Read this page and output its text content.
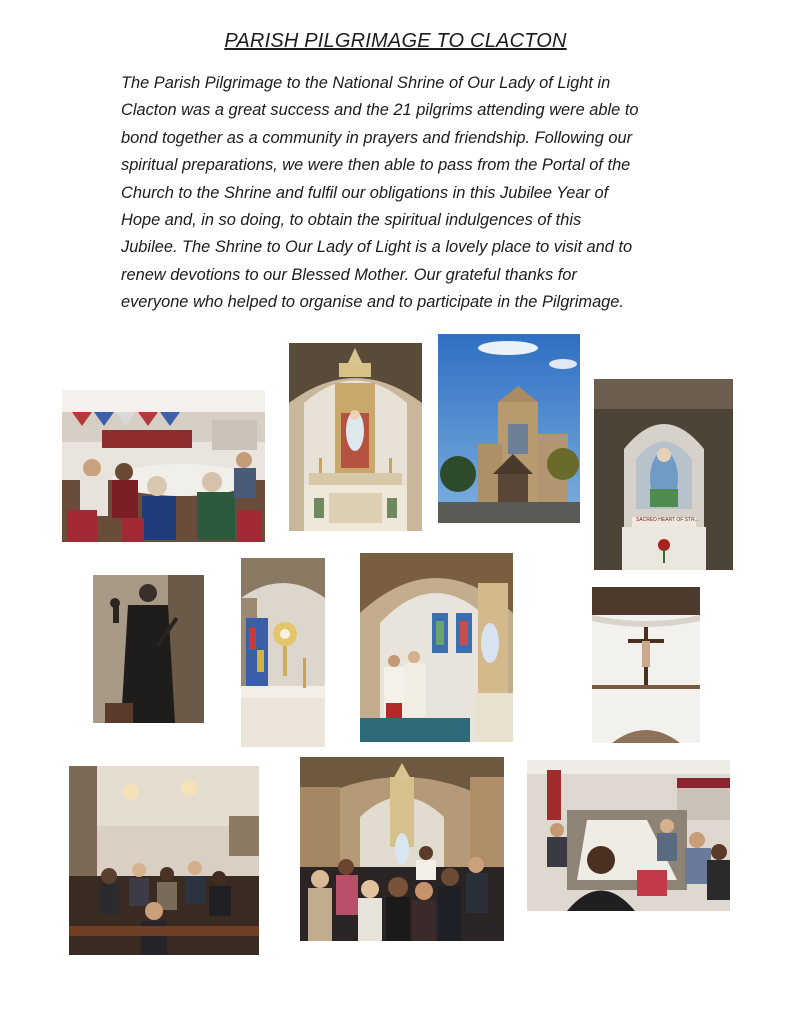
PARISH PILGRIMAGE TO CLACTON
The Parish Pilgrimage to the National Shrine of Our Lady of Light in
Clacton was a great success and the 21 pilgrims attending were able to
bond together as a community in prayers and friendship. Following our
spiritual preparations, we were then able to pass from the Portal of the
Church to the Shrine and fulfil our obligations in this Jubilee Year of
Hope and, in so doing, to obtain the spiritual indulgences of this
Jubilee. The Shrine to Our Lady of Light is a lovely place to visit and to
renew devotions to our Blessed Mother. Our grateful thanks for
everyone who helped to organise and to participate in the Pilgrimage.
SACRED HEART OF STR...
